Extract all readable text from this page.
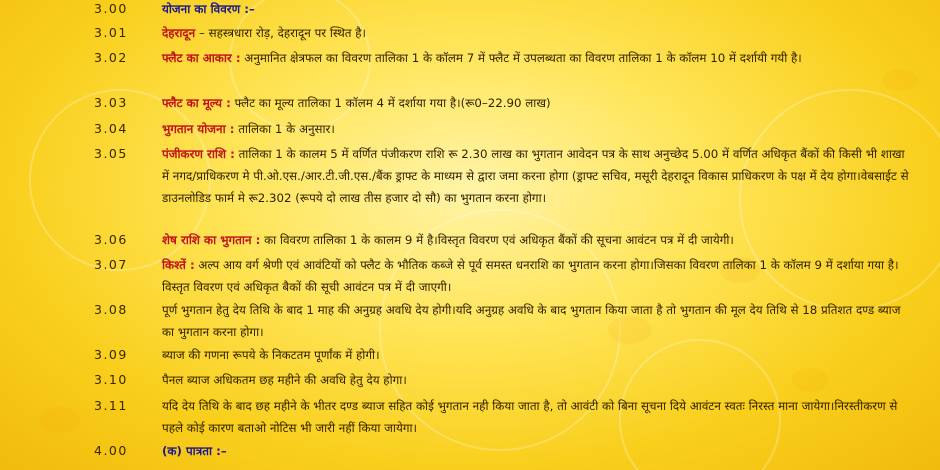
3.00	योजना का विवरण :–
3.01	देहरादून – सहस्त्रधारा रोड़, देहरादून पर स्थित है।
3.02	फ्लैट का आकार : अनुमानित क्षेत्रफल का विवरण तालिका 1 के कॉलम 7 में फ्लैट में उपलब्धता का विवरण तालिका 1 के कॉलम 10 में दर्शायी गयी है।
3.03	फ्लैट का मूल्य : फ्लैट का मूल्य तालिका 1 कॉलम 4 में दर्शाया गया है।(रू0–22.90 लाख)
3.04	भुगतान योजना : तालिका 1 के अनुसार।
3.05	पंजीकरण राशि : तालिका 1 के कालम 5 में वर्णित पंजीकरण राशि रू 2.30 लाख का भुगतान आवेदन पत्र के साथ अनुच्छेद 5.00 में वर्णित अधिकृत बैंकों की किसी भी शाखा में नगद/प्राधिकरण मे पी.ओ.एस./आर.टी.जी.एस./बैंक ड्राफ्ट के माध्यम से द्वारा जमा करना होगा (ड्राफ्ट सचिव, मसूरी देहरादून विकास प्राधिकरण के पक्ष में देय होगा।वेबसाईट से डाउनलोडिड फार्म मे रू2.302 (रूपये दो लाख तीस हजार दो सौ) का भुगतान करना होगा।
3.06	शेष राशि का भुगतान : का विवरण तालिका 1 के कालम 9 में है।विस्तृत विवरण एवं अधिकृत बैंकों की सूचना आवंटन पत्र में दी जायेगी।
3.07	किश्तें : अल्प आय वर्ग श्रेणी एवं आवंटियों को फ्लैट के भौतिक कब्जे से पूर्व समस्त धनराशि का भुगतान करना होगा।जिसका विवरण तालिका 1 के कॉलम 9 में दर्शाया गया है।विस्तृत विवरण एवं अधिकृत बैकों की सूची आवंटन पत्र में दी जाएगी।
3.08	पूर्ण भुगतान हेतु देय तिथि के बाद 1 माह की अनुग्रह अवधि देय होगी।यदि अनुग्रह अवधि के बाद भुगतान किया जाता है तो भुगतान की मूल देय तिथि से 18 प्रतिशत दण्ड ब्याज का भुगतान करना होगा।
3.09	ब्याज की गणना रूपये के निकटतम पूर्णांक में होगी।
3.10	पैनल ब्याज अधिकतम छह महीने की अवधि हेतु देय होगा।
3.11	यदि देय तिथि के बाद छह महीने के भीतर दण्ड ब्याज सहित कोई भुगतान नही किया जाता है, तो आवंटी को बिना सूचना दिये आवंटन स्वतः निरस्त माना जायेगा।निरस्तीकरण से पहले कोई कारण बताओ नोटिस भी जारी नहीं किया जायेगा।
4.00	(क) पात्रता :–
